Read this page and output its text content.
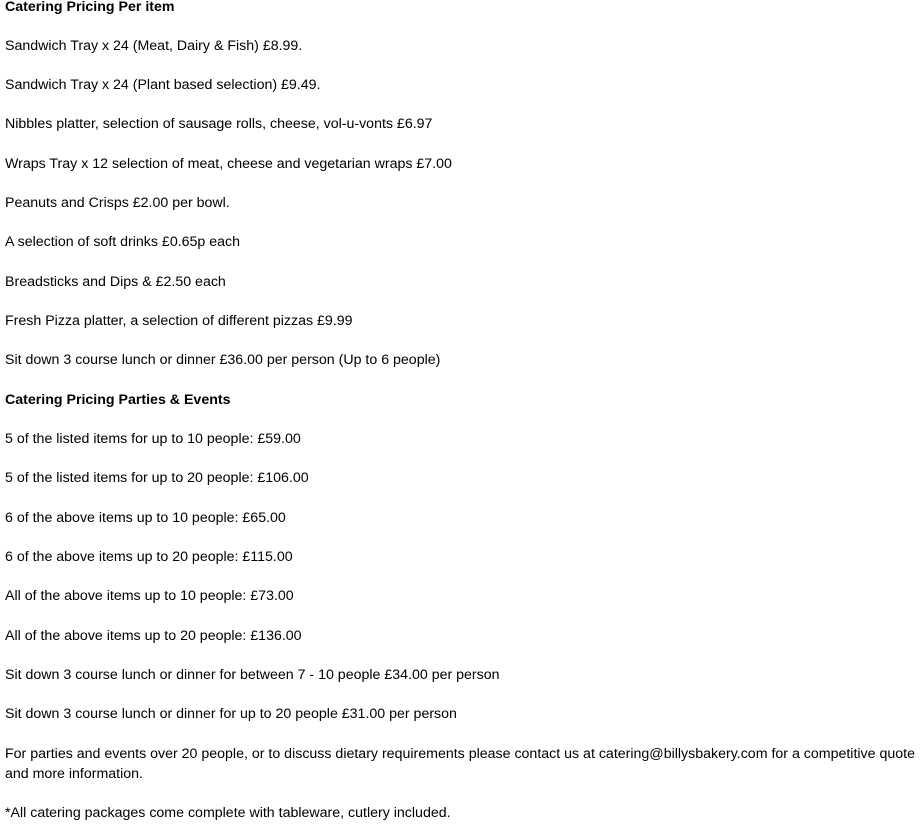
Catering Pricing Per item

Sandwich Tray x 24 (Meat, Dairy & Fish) £8.99.

Sandwich Tray x 24 (Plant based selection) £9.49.

Nibbles platter, selection of sausage rolls, cheese, vol-u-vonts £6.97

Wraps Tray x 12 selection of meat, cheese and vegetarian wraps £7.00

Peanuts and Crisps £2.00 per bowl.

A selection of soft drinks £0.65p each

Breadsticks and Dips & £2.50 each

Fresh Pizza platter, a selection of different pizzas £9.99

Sit down 3 course lunch or dinner £36.00 per person (Up to 6 people)

Catering Pricing Parties & Events

5 of the listed items for up to 10 people: £59.00

5 of the listed items for up to 20 people: £106.00

6 of the above items up to 10 people: £65.00

6 of the above items up to 20 people: £115.00

All of the above items up to 10 people: £73.00

All of the above items up to 20 people: £136.00

Sit down 3 course lunch or dinner for between 7 - 10 people £34.00 per person

Sit down 3 course lunch or dinner for up to 20 people £31.00 per person

For parties and events over 20 people, or to discuss dietary requirements please contact us at catering@billysbakery.com for a competitive quote and more information.

*All catering packages come complete with tableware, cutlery included.
